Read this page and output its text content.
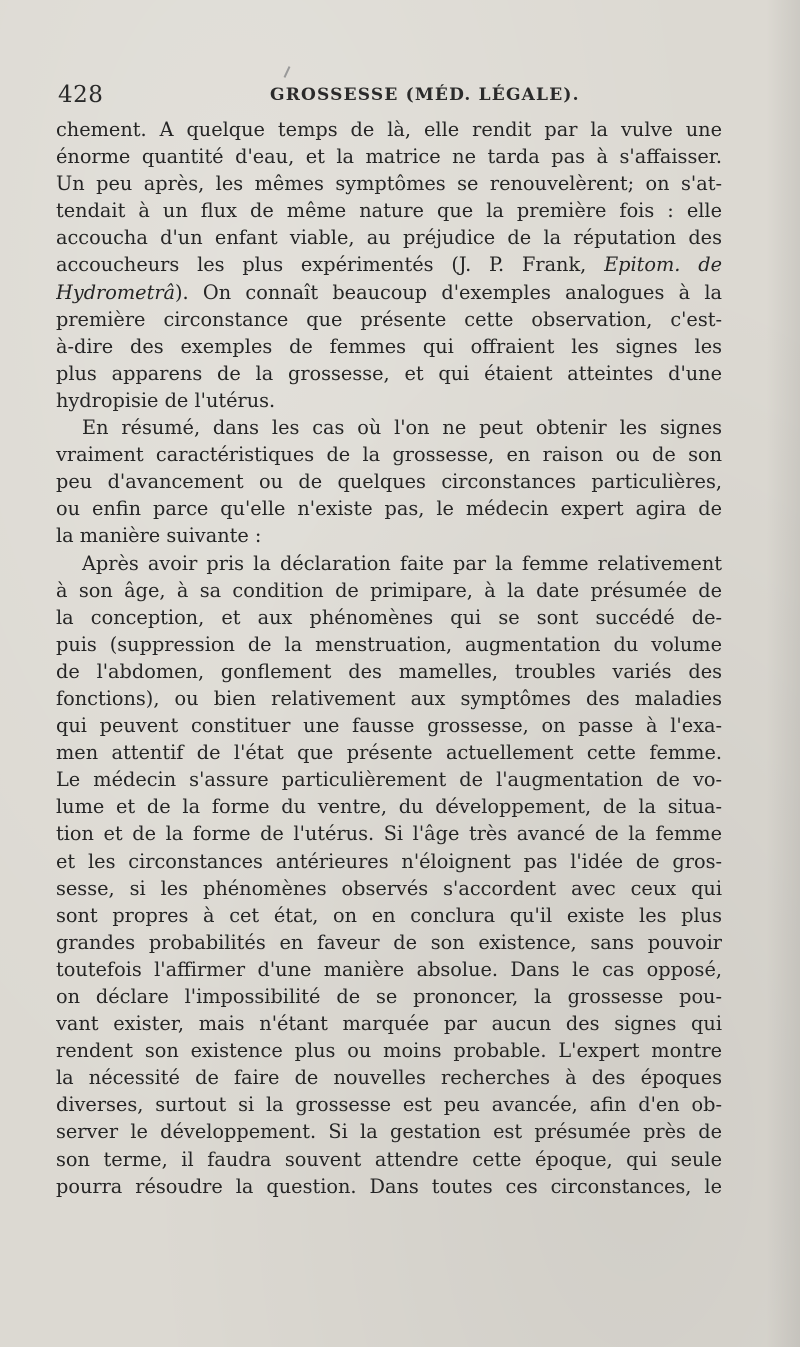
428	GROSSESSE (MÉD. LÉGALE).
chement. A quelque temps de là, elle rendit par la vulve une
énorme quantité d'eau, et la matrice ne tarda pas à s'affaisser.
Un peu après, les mêmes symptômes se renouvelèrent; on s'at-
tendait à un flux de même nature que la première fois : elle
accoucha d'un enfant viable, au préjudice de la réputation des
accoucheurs les plus expérimentés (J. P. Frank, Epitom. de
Hydrometrâ). On connaît beaucoup d'exemples analogues à la
première circonstance que présente cette observation, c'est-
à-dire des exemples de femmes qui offraient les signes les
plus apparens de la grossesse, et qui étaient atteintes d'une
hydropisie de l'utérus.
En résumé, dans les cas où l'on ne peut obtenir les signes
vraiment caractéristiques de la grossesse, en raison ou de son
peu d'avancement ou de quelques circonstances particulières,
ou enfin parce qu'elle n'existe pas, le médecin expert agira de
la manière suivante :
Après avoir pris la déclaration faite par la femme relativement
à son âge, à sa condition de primipare, à la date présumée de
la conception, et aux phénomènes qui se sont succédé de-
puis (suppression de la menstruation, augmentation du volume
de l'abdomen, gonflement des mamelles, troubles variés des
fonctions), ou bien relativement aux symptômes des maladies
qui peuvent constituer une fausse grossesse, on passe à l'exa-
men attentif de l'état que présente actuellement cette femme.
Le médecin s'assure particulièrement de l'augmentation de vo-
lume et de la forme du ventre, du développement, de la situa-
tion et de la forme de l'utérus. Si l'âge très avancé de la femme
et les circonstances antérieures n'éloignent pas l'idée de gros-
sesse, si les phénomènes observés s'accordent avec ceux qui
sont propres à cet état, on en conclura qu'il existe les plus
grandes probabilités en faveur de son existence, sans pouvoir
toutefois l'affirmer d'une manière absolue. Dans le cas opposé,
on déclare l'impossibilité de se prononcer, la grossesse pou-
vant exister, mais n'étant marquée par aucun des signes qui
rendent son existence plus ou moins probable. L'expert montre
la nécessité de faire de nouvelles recherches à des époques
diverses, surtout si la grossesse est peu avancée, afin d'en ob-
server le développement. Si la gestation est présumée près de
son terme, il faudra souvent attendre cette époque, qui seule
pourra résoudre la question. Dans toutes ces circonstances, le
